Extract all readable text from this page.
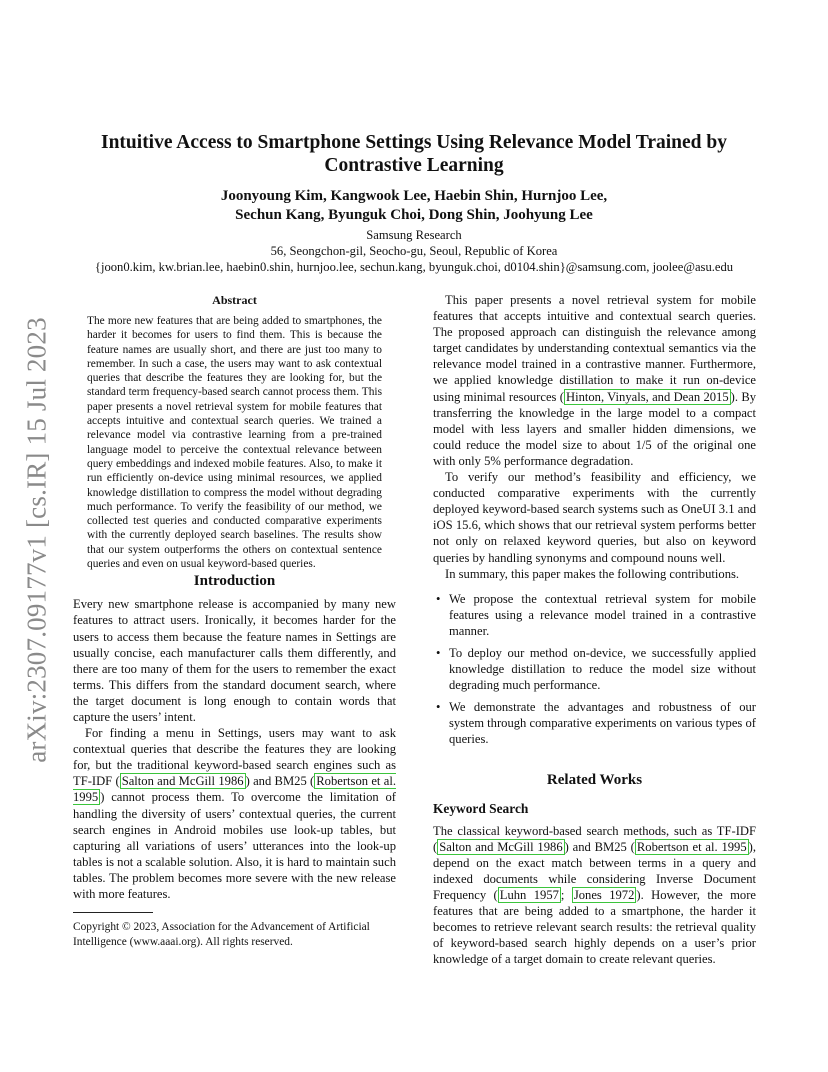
arXiv:2307.09177v1 [cs.IR] 15 Jul 2023
Intuitive Access to Smartphone Settings Using Relevance Model Trained by Contrastive Learning
Joonyoung Kim, Kangwook Lee, Haebin Shin, Hurnjoo Lee,
Sechun Kang, Byunguk Choi, Dong Shin, Joohyung Lee
Samsung Research
56, Seongchon-gil, Seocho-gu, Seoul, Republic of Korea
{joon0.kim, kw.brian.lee, haebin0.shin, hurnjoo.lee, sechun.kang, byunguk.choi, d0104.shin}@samsung.com, joolee@asu.edu
Abstract

The more new features that are being added to smartphones, the harder it becomes for users to find them. This is because the feature names are usually short, and there are just too many to remember. In such a case, the users may want to ask contextual queries that describe the features they are looking for, but the standard term frequency-based search cannot process them. This paper presents a novel retrieval system for mobile features that accepts intuitive and contextual search queries. We trained a relevance model via contrastive learning from a pre-trained language model to perceive the contextual relevance between query embeddings and indexed mobile features. Also, to make it run efficiently on-device using minimal resources, we applied knowledge distillation to compress the model without degrading much performance. To verify the feasibility of our method, we collected test queries and conducted comparative experiments with the currently deployed search baselines. The results show that our system outperforms the others on contextual sentence queries and even on usual keyword-based queries.

Introduction

Every new smartphone release is accompanied by many new features to attract users. Ironically, it becomes harder for the users to access them because the feature names in Settings are usually concise, each manufacturer calls them differently, and there are too many of them for the users to remember the exact terms. This differs from the standard document search, where the target document is long enough to contain words that capture the users’ intent.

For finding a menu in Settings, users may want to ask contextual queries that describe the features they are looking for, but the traditional keyword-based search engines such as TF-IDF ( Salton and McGill 1986 ) and BM25 ( Robertson et al. 1995 ) cannot process them. To overcome the limitation of handling the diversity of users’ contextual queries, the current search engines in Android mobiles use look-up tables, but capturing all variations of users’ utterances into the look-up tables is not a scalable solution. Also, it is hard to maintain such tables. The problem becomes more severe with the new release with more features.

Copyright © 2023, Association for the Advancement of Artificial Intelligence (www.aaai.org). All rights reserved.

This paper presents a novel retrieval system for mobile features that accepts intuitive and contextual search queries. The proposed approach can distinguish the relevance among target candidates by understanding contextual semantics via the relevance model trained in a contrastive manner. Furthermore, we applied knowledge distillation to make it run on-device using minimal resources ( Hinton, Vinyals, and Dean 2015 ). By transferring the knowledge in the large model to a compact model with less layers and smaller hidden dimensions, we could reduce the model size to about 1/5 of the original one with only 5% performance degradation.

To verify our method’s feasibility and efficiency, we conducted comparative experiments with the currently deployed keyword-based search systems such as OneUI 3.1 and iOS 15.6, which shows that our retrieval system performs better not only on relaxed keyword queries, but also on keyword queries by handling synonyms and compound nouns well.

In summary, this paper makes the following contributions.

• We propose the contextual retrieval system for mobile features using a relevance model trained in a contrastive manner.
• To deploy our method on-device, we successfully applied knowledge distillation to reduce the model size without degrading much performance.
• We demonstrate the advantages and robustness of our system through comparative experiments on various types of queries.
Related Works
Keyword Search

The classical keyword-based search methods, such as TF-IDF ( Salton and McGill 1986 ) and BM25 ( Robertson et al. 1995 ), depend on the exact match between terms in a query and indexed documents while considering Inverse Document Frequency ( Luhn 1957 ; Jones 1972 ). However, the more features that are being added to a smartphone, the harder it becomes to retrieve relevant search results: the retrieval quality of keyword-based search highly depends on a user’s prior knowledge of a target domain to create relevant queries.
